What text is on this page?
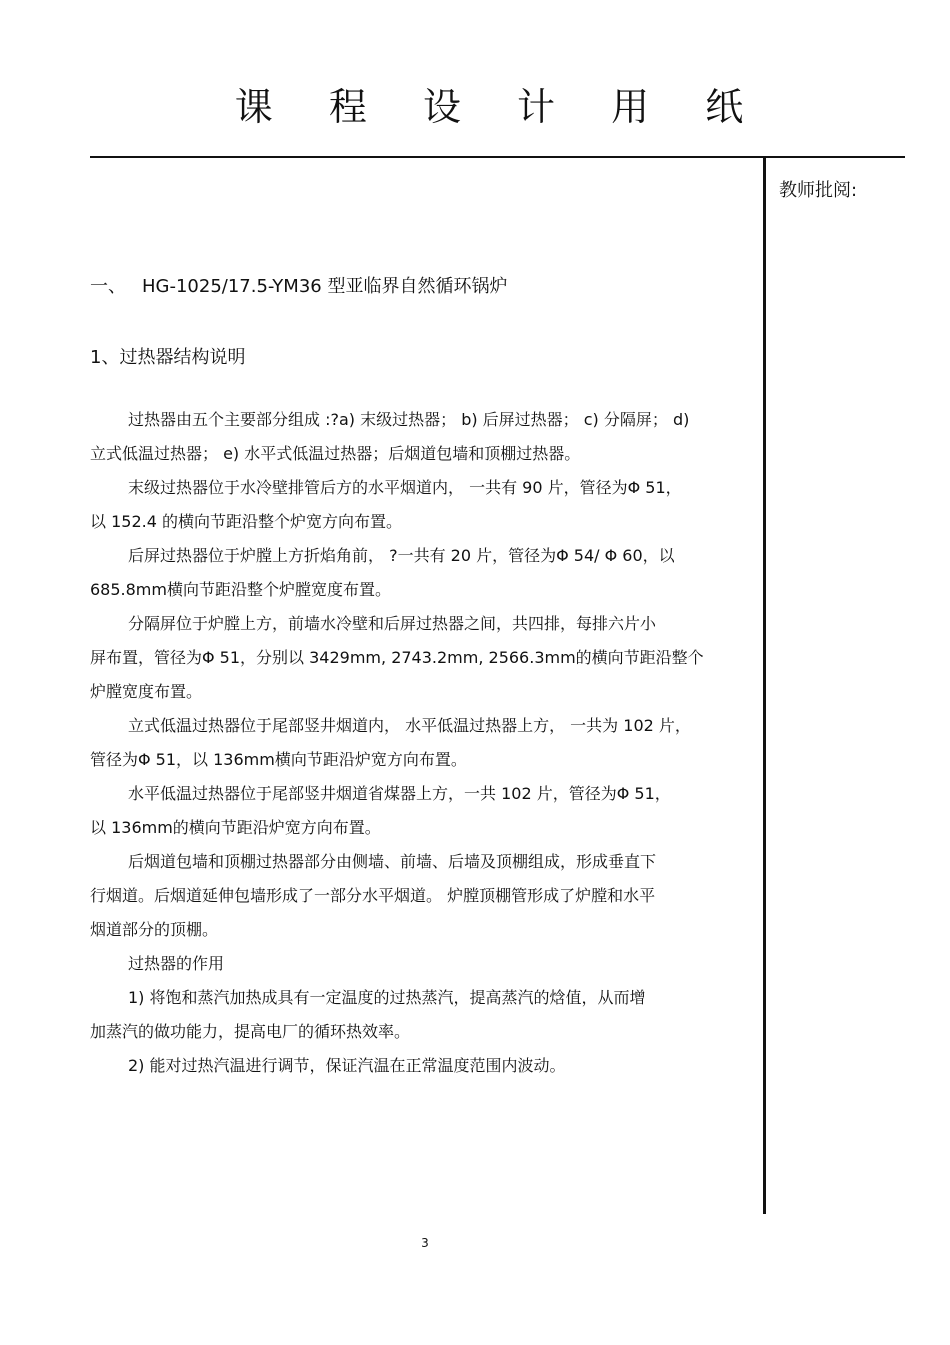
课 程 设 计 用 纸
教师批阅:
一、 HG-1025/17.5-YM36 型亚临界自然循环锅炉
1、过热器结构说明
过热器由五个主要部分组成 :?a) 末级过热器； b) 后屏过热器； c) 分隔屏； d)
立式低温过热器； e) 水平式低温过热器；后烟道包墙和顶棚过热器。
末级过热器位于水冷壁排管后方的水平烟道内， 一共有 90 片，管径为Φ 51，
以 152.4 的横向节距沿整个炉宽方向布置。
后屏过热器位于炉膛上方折焰角前， ?一共有 20 片，管径为Φ 54/ Φ 60，以
685.8mm横向节距沿整个炉膛宽度布置。
分隔屏位于炉膛上方，前墙水冷壁和后屏过热器之间，共四排，每排六片小
屏布置，管径为Φ 51，分别以 3429mm, 2743.2mm, 2566.3mm的横向节距沿整个
炉膛宽度布置。
立式低温过热器位于尾部竖井烟道内， 水平低温过热器上方， 一共为 102 片，
管径为Φ 51，以 136mm横向节距沿炉宽方向布置。
水平低温过热器位于尾部竖井烟道省煤器上方，一共 102 片，管径为Φ 51，
以 136mm的横向节距沿炉宽方向布置。
后烟道包墙和顶棚过热器部分由侧墙、前墙、后墙及顶棚组成，形成垂直下
行烟道。后烟道延伸包墙形成了一部分水平烟道。 炉膛顶棚管形成了炉膛和水平
烟道部分的顶棚。
过热器的作用
1) 将饱和蒸汽加热成具有一定温度的过热蒸汽，提高蒸汽的焓值，从而增
加蒸汽的做功能力，提高电厂的循环热效率。
2) 能对过热汽温进行调节，保证汽温在正常温度范围内波动。
3
